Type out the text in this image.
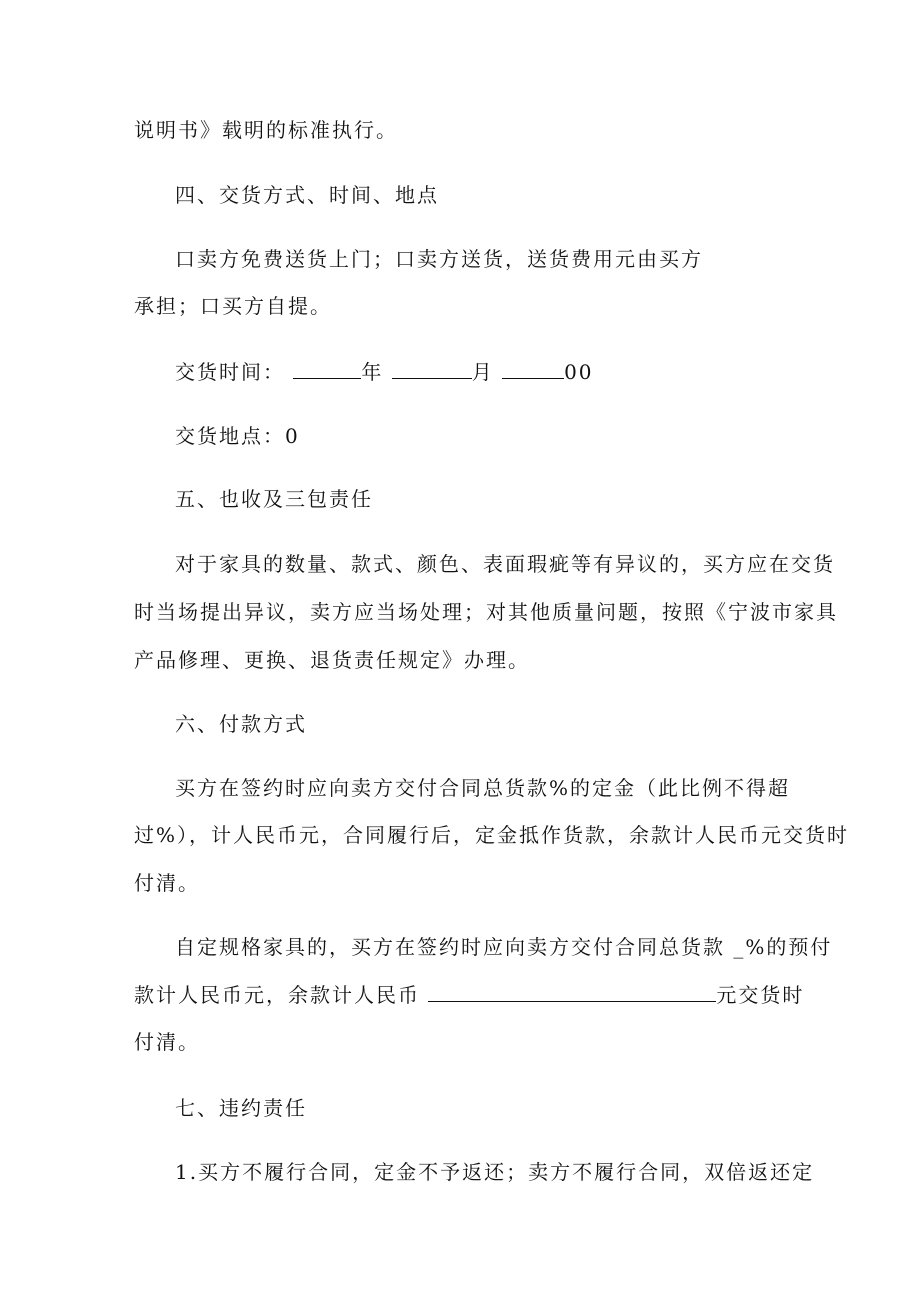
说明书》载明的标准执行。
四、交货方式、时间、地点
口卖方免费送货上门；口卖方送货，送货费用元由买方
承担；口买方自提。
交货时间：	年	月	00
交货地点：0
五、也收及三包责任
对于家具的数量、款式、颜色、表面瑕疵等有异议的，买方应在交货
时当场提出异议，卖方应当场处理；对其他质量问题，按照《宁波市家具
产品修理、更换、退货责任规定》办理。
六、付款方式
买方在签约时应向卖方交付合同总货款%的定金（此比例不得超
过%），计人民币元，合同履行后，定金抵作货款，余款计人民币元交货时
付清。
自定规格家具的，买方在签约时应向卖方交付合同总货款 _%的预付
款计人民币元，余款计人民币	元交货时
付清。
七、违约责任
1.买方不履行合同，定金不予返还；卖方不履行合同，双倍返还定
